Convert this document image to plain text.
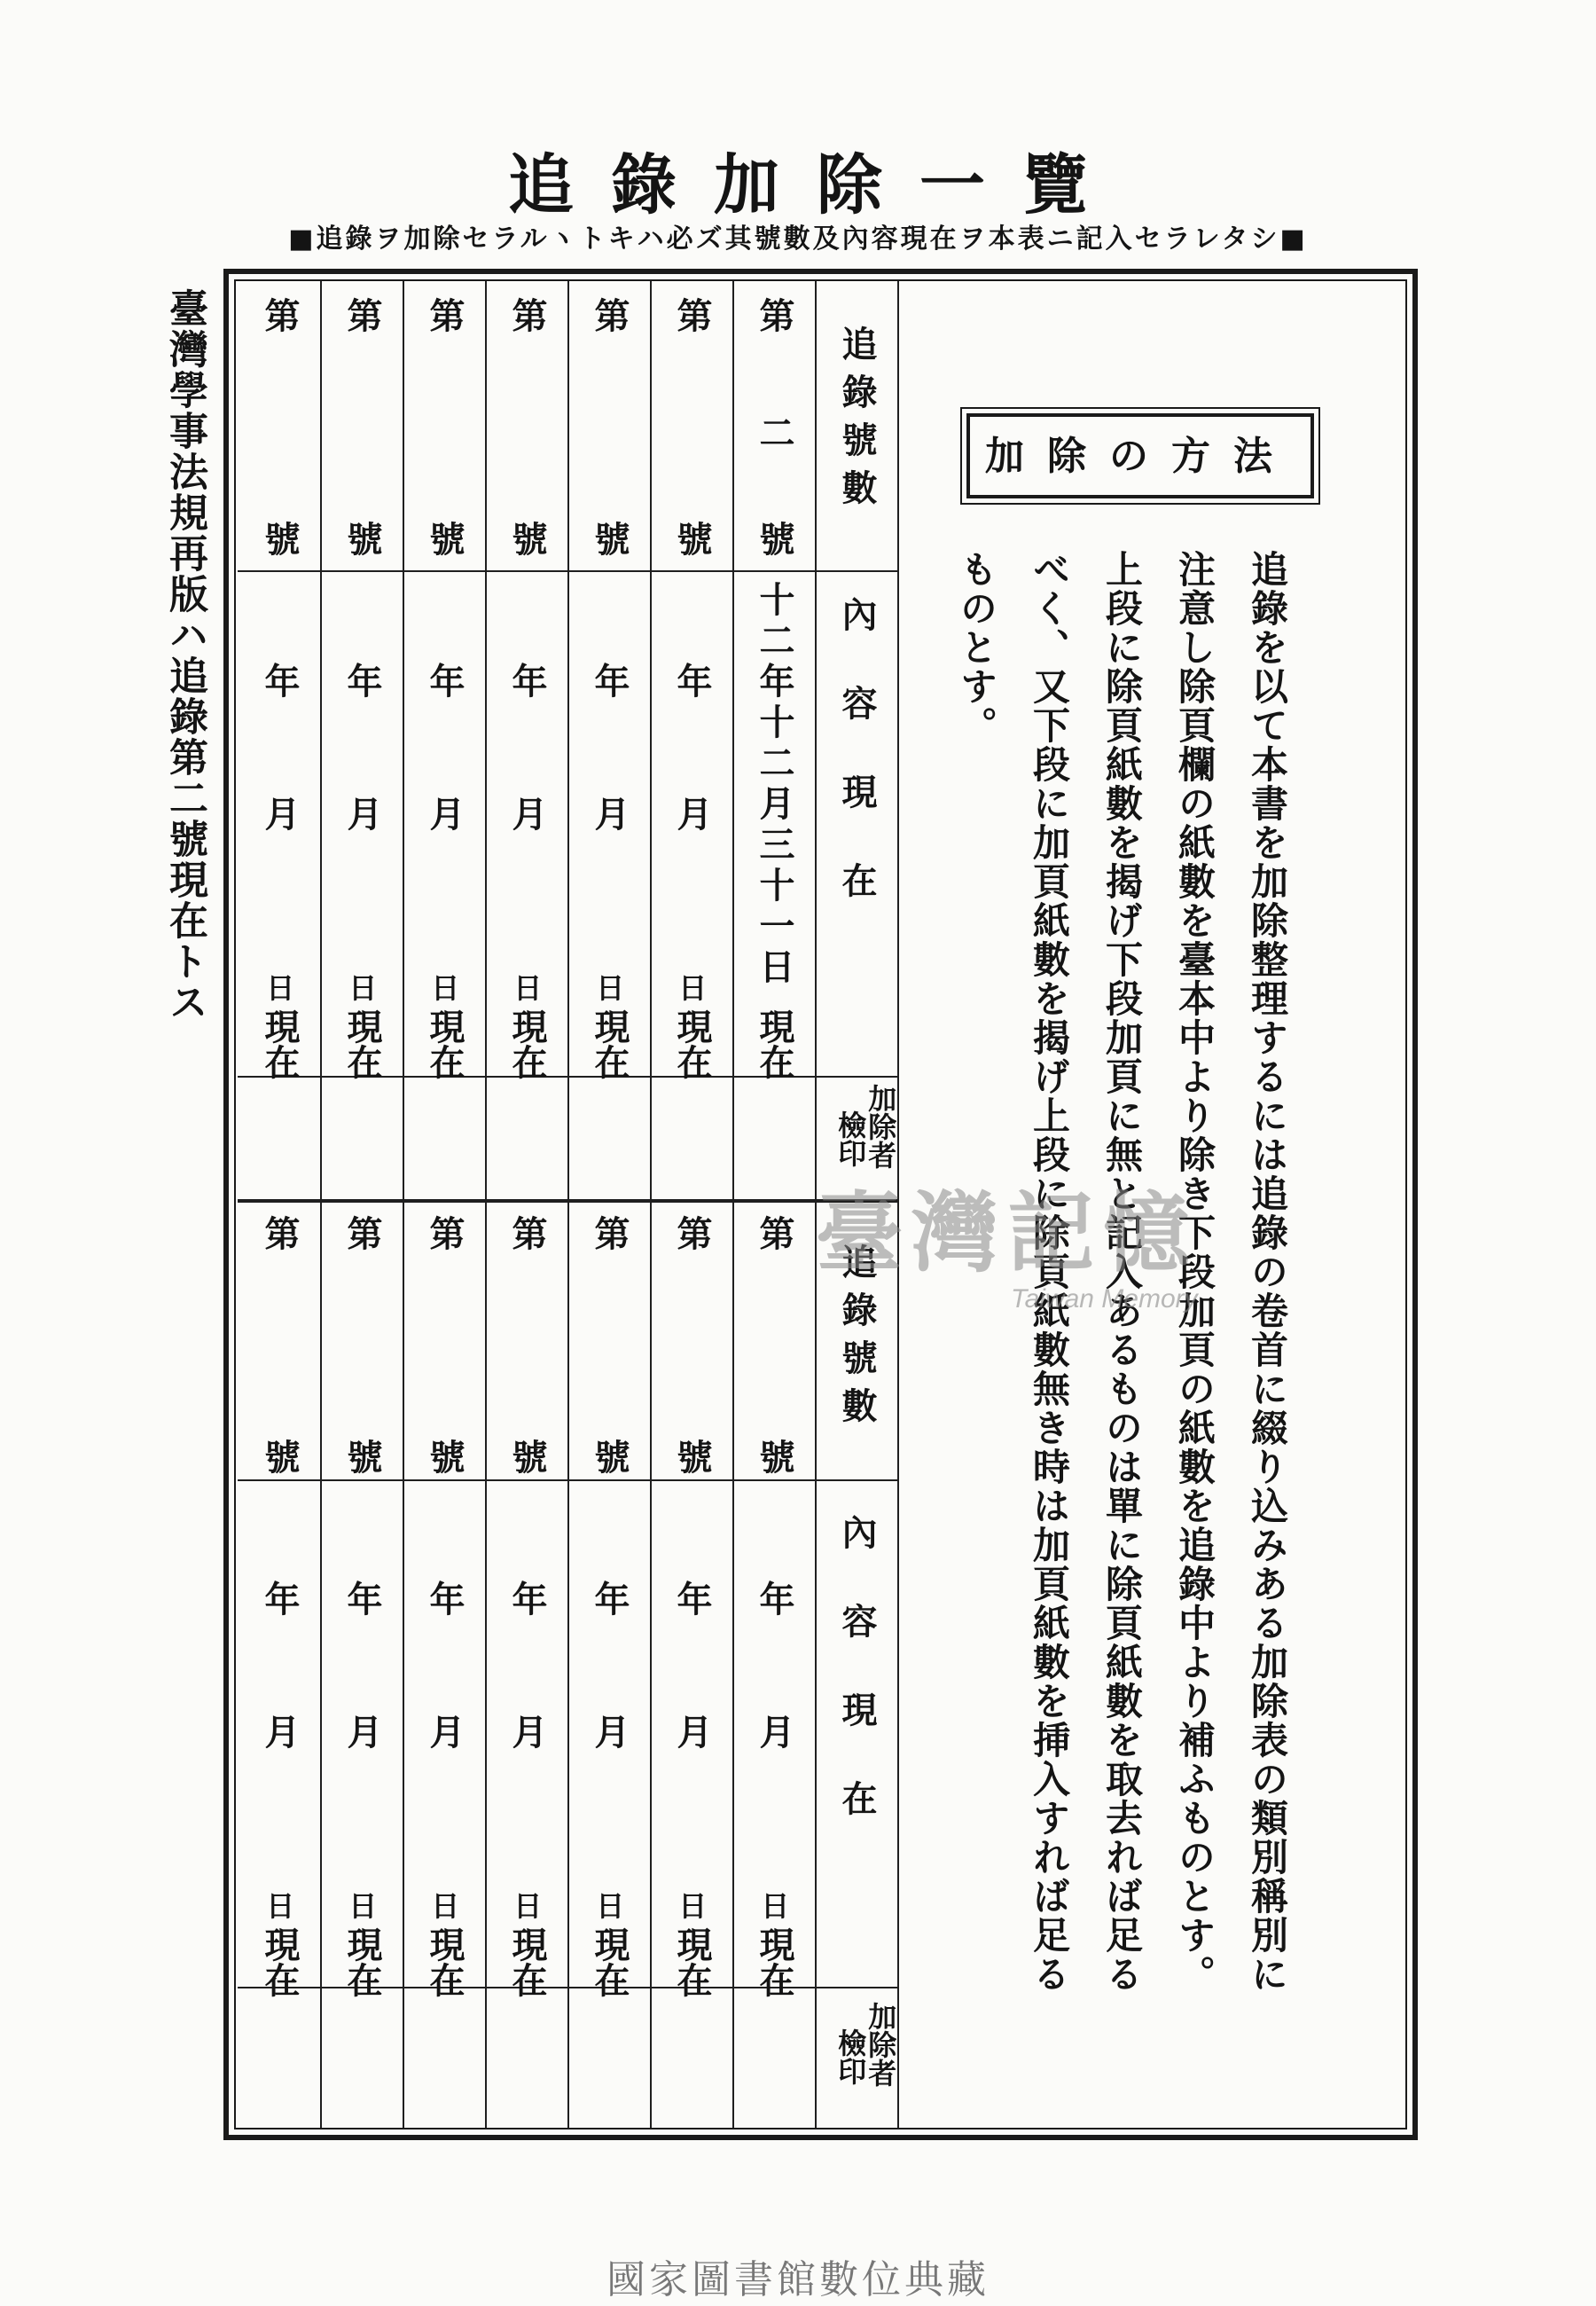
追錄加除一覽
■追錄ヲ加除セラルヽトキハ必ズ其號數及內容現在ヲ本表ニ記入セラレタシ■
臺灣學事法規再版ハ追錄第二號現在トス	追錄號數
內容現在
加除者
檢印
追錄號數
內容現在
加除者
檢印
第
二
號
十二年十二月三十一日
現在
第
號
年
月
日
現在
第
號
年
月
日
現在
第
號
年
月
日
現在
第
號
年
月
日
現在
第
號
年
月
日
現在
第
號
年
月
日
現在
第
號
年
月
日
現在
第
號
年
月
日
現在
第
號
年
月
日
現在
第
號
年
月
日
現在
第
號
年
月
日
現在
第
號
年
月
日
現在
第
號
年
月
日
現在
加除の方法
追錄を以て本書を加除整理するには追錄の卷首に綴り込みある加除表の類別稱別に注意し除頁欄の紙數を臺本中より除き下段加頁の紙數を追錄中より補ふものとす。上段に除頁紙數を揭げ下段加頁に無と記入あるものは單に除頁紙數を取去れば足るべく、又下段に加頁紙數を揭げ上段に除頁紙數無き時は加頁紙數を挿入すれば足るものとす。
臺灣記憶
Taiwan Memory
國家圖書館數位典藏
